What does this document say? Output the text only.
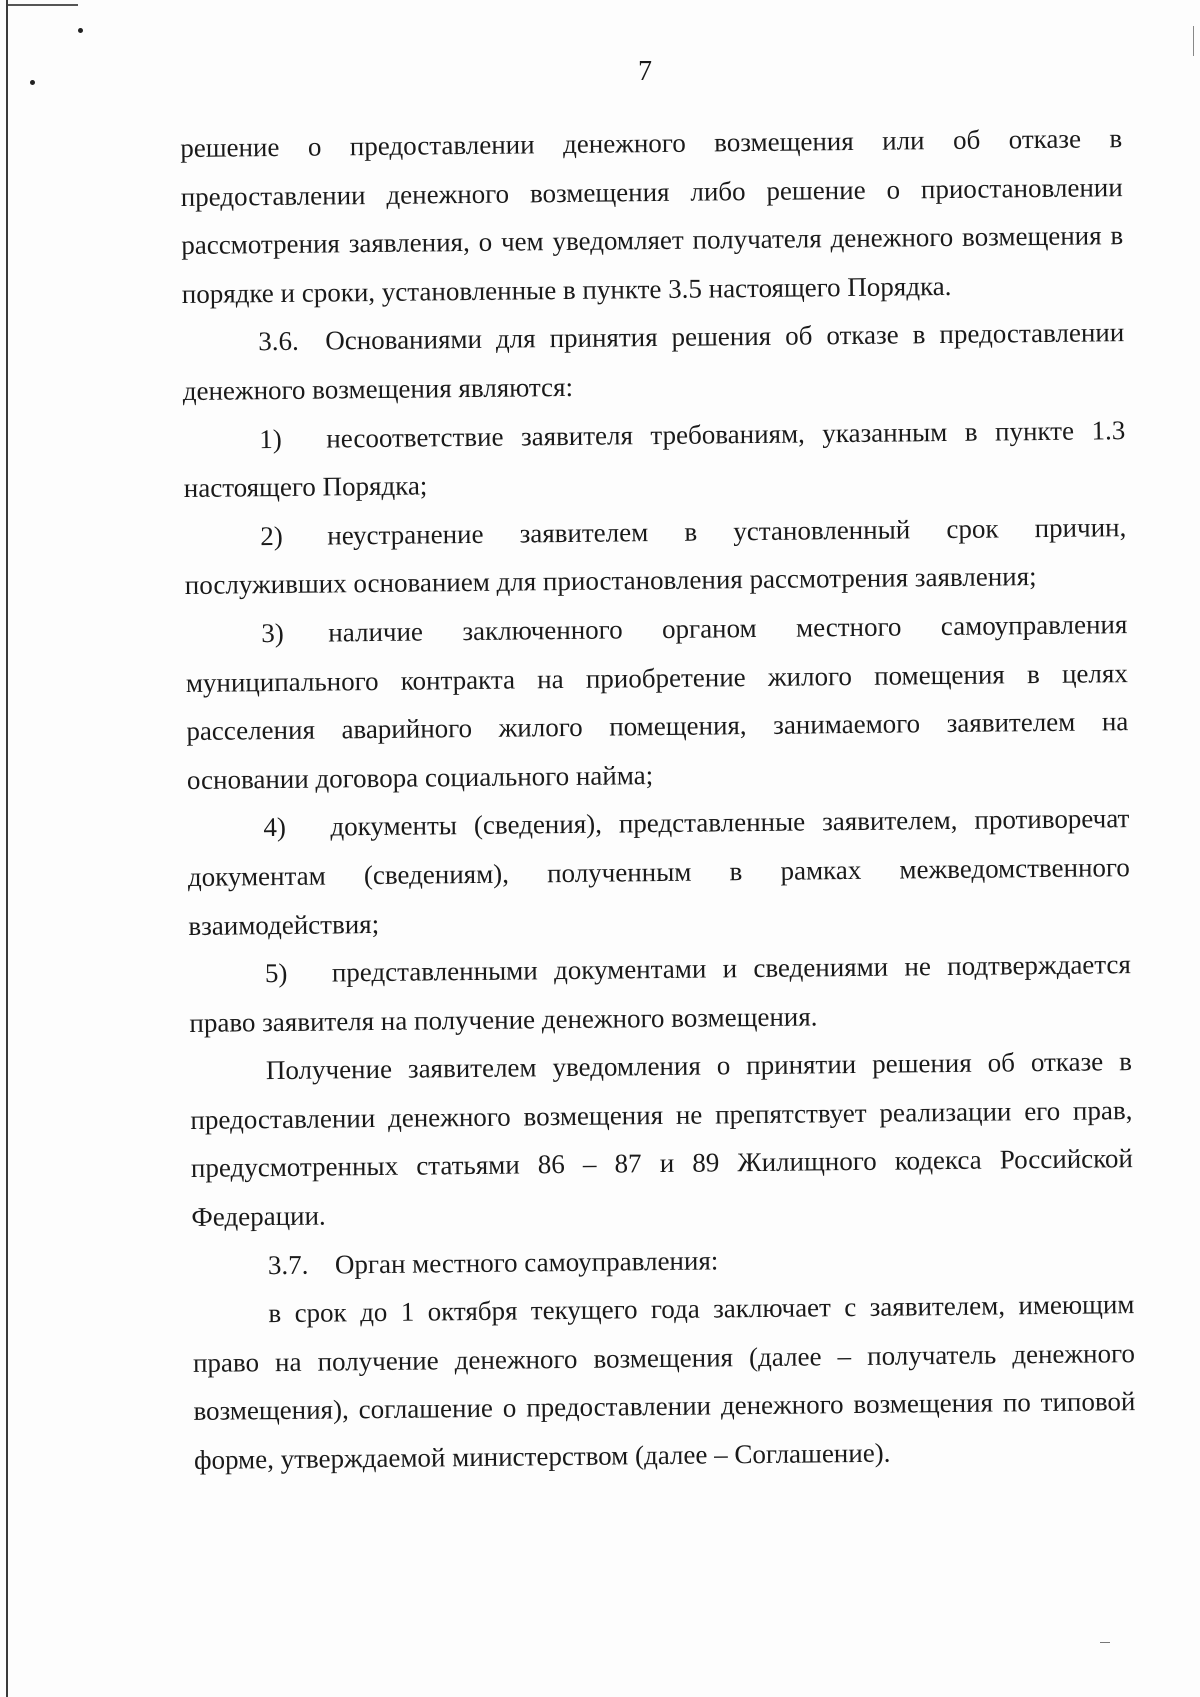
7

решение о предоставлении денежного возмещения или об отказе в предоставлении денежного возмещения либо решение о приостановлении рассмотрения заявления, о чем уведомляет получателя денежного возмещения в порядке и сроки, установленные в пункте 3.5 настоящего Порядка.

3.6. Основаниями для принятия решения об отказе в предоставлении денежного возмещения являются:

1) несоответствие заявителя требованиям, указанным в пункте 1.3 настоящего Порядка;

2) неустранение заявителем в установленный срок причин, послуживших основанием для приостановления рассмотрения заявления;

3) наличие заключенного органом местного самоуправления муниципального контракта на приобретение жилого помещения в целях расселения аварийного жилого помещения, занимаемого заявителем на основании договора социального найма;

4) документы (сведения), представленные заявителем, противоречат документам (сведениям), полученным в рамках межведомственного взаимодействия;

5) представленными документами и сведениями не подтверждается право заявителя на получение денежного возмещения.

Получение заявителем уведомления о принятии решения об отказе в предоставлении денежного возмещения не препятствует реализации его прав, предусмотренных статьями 86 – 87 и 89 Жилищного кодекса Российской Федерации.

3.7. Орган местного самоуправления:

в срок до 1 октября текущего года заключает с заявителем, имеющим право на получение денежного возмещения (далее – получатель денежного возмещения), соглашение о предоставлении денежного возмещения по типовой форме, утверждаемой министерством (далее – Соглашение).
